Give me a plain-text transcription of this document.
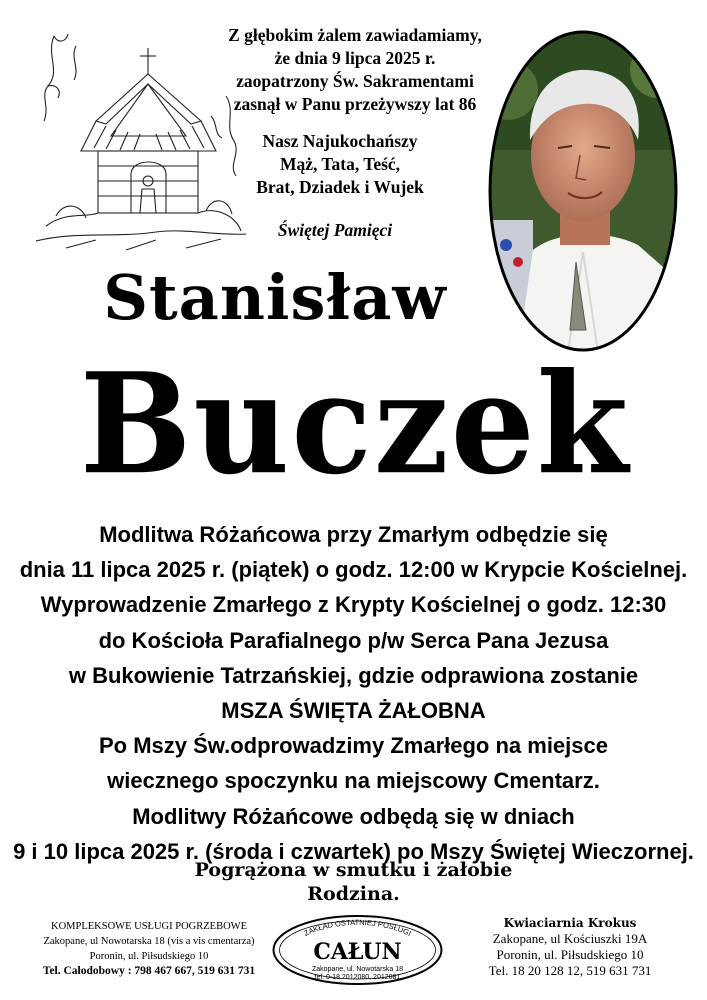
Z głębokim żalem zawiadamiamy,

że dnia 9 lipca 2025 r.

zaopatrzony Św. Sakramentami

zasnął w Panu przeżywszy lat 86

Nasz Najukochańszy

Mąż, Tata, Teść,

Brat, Dziadek i Wujek

Świętej Pamięci
Stanisław
Buczek

Modlitwa Różańcowa przy Zmarłym odbędzie się

dnia 11 lipca 2025 r. (piątek) o godz. 12:00 w Krypcie Kościelnej.

Wyprowadzenie Zmarłego z Krypty Kościelnej o godz. 12:30

do Kościoła Parafialnego p/w Serca Pana Jezusa

w Bukowienie Tatrzańskiej, gdzie odprawiona zostanie

MSZA ŚWIĘTA ŻAŁOBNA

Po Mszy Św.odprowadzimy Zmarłego na miejsce

wiecznego spoczynku na miejscowy Cmentarz.

Modlitwy Różańcowe odbędą się w dniach

9 i 10 lipca 2025 r. (środa i czwartek) po Mszy Świętej Wieczornej.

Pogrążona w smutku i żałobie

Rodzina.

KOMPLEKSOWE USŁUGI POGRZEBOWE

Zakopane, ul Nowotarska 18 (vis a vis cmentarza)

Poronin, ul. Piłsudskiego 10

Tel. Całodobowy : 798 467 667, 519 631 731

ZAKŁAD OSTATNIEJ POSŁUGI
CAŁUN
Zakopane, ul. Nowotarska 18
tel. 0-18 2012080, 2012081

Kwiaciarnia Krokus

Zakopane, ul Kościuszki 19A

Poronin, ul. Piłsudskiego 10

Tel. 18 20 128 12, 519 631 731
